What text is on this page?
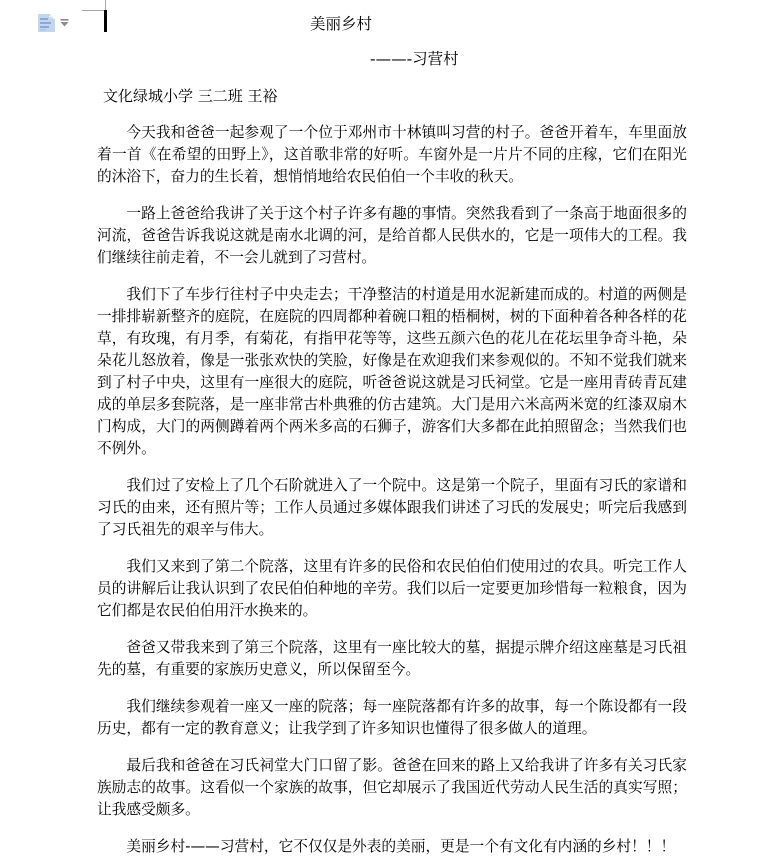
美丽乡村
-——-习营村
文化绿城小学 三二班 王裕

今天我和爸爸一起参观了一个位于邓州市十林镇叫习营的村子。爸爸开着车，车里面放着一首《在希望的田野上》，这首歌非常的好听。车窗外是一片片不同的庄稼，它们在阳光的沐浴下，奋力的生长着，想悄悄地给农民伯伯一个丰收的秋天。

一路上爸爸给我讲了关于这个村子许多有趣的事情。突然我看到了一条高于地面很多的河流，爸爸告诉我说这就是南水北调的河，是给首都人民供水的，它是一项伟大的工程。我们继续往前走着，不一会儿就到了习营村。

我们下了车步行往村子中央走去；干净整洁的村道是用水泥新建而成的。村道的两侧是一排排崭新整齐的庭院，在庭院的四周都种着碗口粗的梧桐树，树的下面种着各种各样的花草，有玫瑰，有月季，有菊花，有指甲花等等，这些五颜六色的花儿在花坛里争奇斗艳，朵朵花儿怒放着，像是一张张欢快的笑脸，好像是在欢迎我们来参观似的。不知不觉我们就来到了村子中央，这里有一座很大的庭院，听爸爸说这就是习氏祠堂。它是一座用青砖青瓦建成的单层多套院落，是一座非常古朴典雅的仿古建筑。大门是用六米高两米宽的红漆双扇木门构成，大门的两侧蹲着两个两米多高的石狮子，游客们大多都在此拍照留念；当然我们也不例外。

我们过了安检上了几个石阶就进入了一个院中。这是第一个院子，里面有习氏的家谱和习氏的由来，还有照片等；工作人员通过多媒体跟我们讲述了习氏的发展史；听完后我感到了习氏祖先的艰辛与伟大。

我们又来到了第二个院落，这里有许多的民俗和农民伯伯们使用过的农具。听完工作人员的讲解后让我认识到了农民伯伯种地的辛劳。我们以后一定要更加珍惜每一粒粮食，因为它们都是农民伯伯用汗水换来的。

爸爸又带我来到了第三个院落，这里有一座比较大的墓，据提示牌介绍这座墓是习氏祖先的墓，有重要的家族历史意义，所以保留至今。

我们继续参观着一座又一座的院落；每一座院落都有许多的故事，每一个陈设都有一段历史，都有一定的教育意义；让我学到了许多知识也懂得了很多做人的道理。

最后我和爸爸在习氏祠堂大门口留了影。爸爸在回来的路上又给我讲了许多有关习氏家族励志的故事。这看似一个家族的故事，但它却展示了我国近代劳动人民生活的真实写照；让我感受颇多。

美丽乡村-——习营村，它不仅仅是外表的美丽，更是一个有文化有内涵的乡村！！！
